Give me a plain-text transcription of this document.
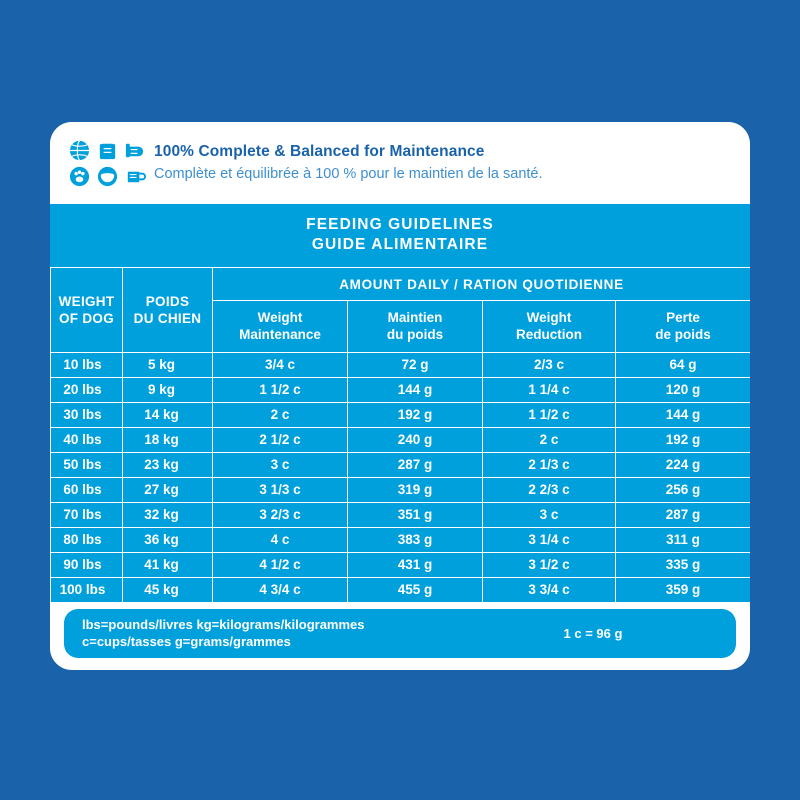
100% Complete & Balanced for Maintenance
Complète et équilibrée à 100 % pour le maintien de la santé.
FEEDING GUIDELINES
GUIDE ALIMENTAIRE
WEIGHT
OF DOG

POIDS
DU CHIEN
	AMOUNT DAILY / RATION QUOTIDIENNE

Weight
Maintenance

Maintien
du poids

Weight
Reduction

Perte
de poids

10 lbs	5 kg	3/4 c	72 g	2/3 c	64 g
20 lbs	9 kg	1 1/2 c	144 g	1 1/4 c	120 g
30 lbs	14 kg	2 c	192 g	1 1/2 c	144 g
40 lbs	18 kg	2 1/2 c	240 g	2 c	192 g
50 lbs	23 kg	3 c	287 g	2 1/3 c	224 g
60 lbs	27 kg	3 1/3 c	319 g	2 2/3 c	256 g
70 lbs	32 kg	3 2/3 c	351 g	3 c	287 g
80 lbs	36 kg	4 c	383 g	3 1/4 c	311 g
90 lbs	41 kg	4 1/2 c	431 g	3 1/2 c	335 g
100 lbs	45 kg	4 3/4 c	455 g	3 3/4 c	359 g
lbs=pounds/livres kg=kilograms/kilogrammes
c=cups/tasses g=grams/grammes
1 c = 96 g
